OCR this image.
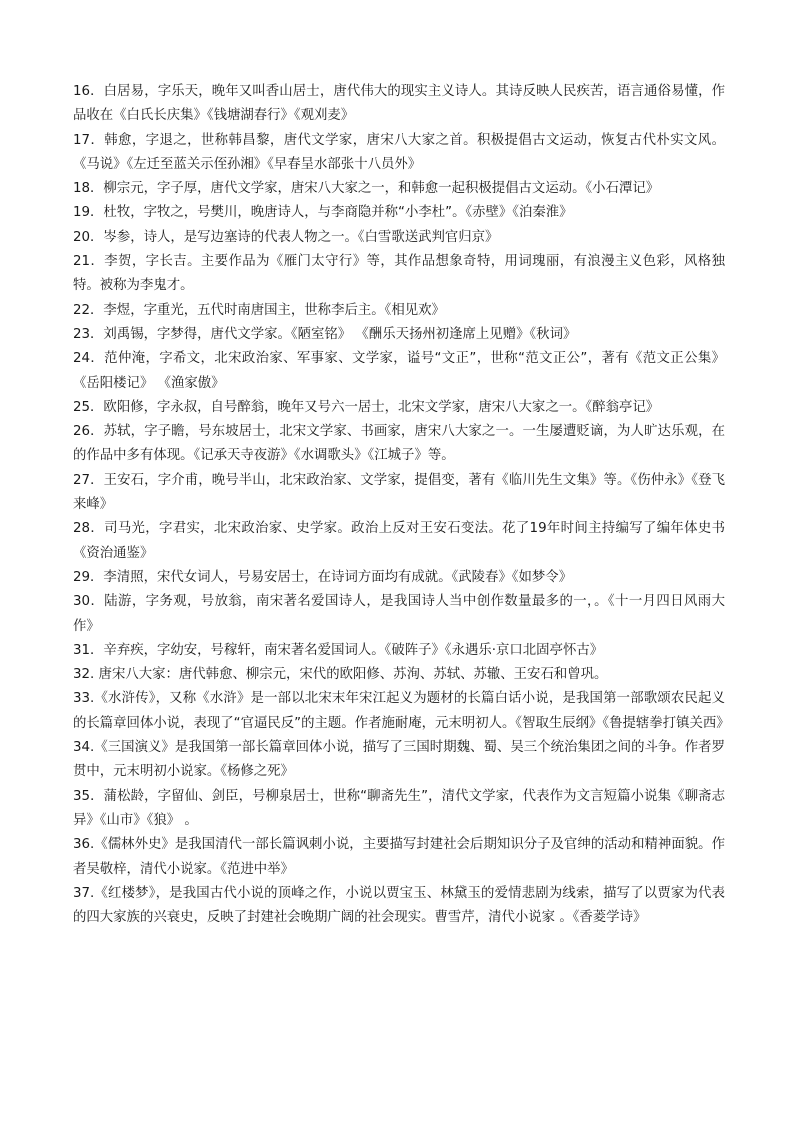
16．白居易，字乐天，晚年又叫香山居士，唐代伟大的现实主义诗人。其诗反映人民疾苦，语言通俗易懂，作品收在《白氏长庆集》《钱塘湖春行》《观刈麦》

17．韩愈，字退之，世称韩昌黎，唐代文学家，唐宋八大家之首。积极提倡古文运动，恢复古代朴实文风。《马说》《左迁至蓝关示侄孙湘》《早春呈水部张十八员外》

18．柳宗元，字子厚，唐代文学家，唐宋八大家之一，和韩愈一起积极提倡古文运动。《小石潭记》

19．杜牧，字牧之，号樊川，晚唐诗人，与李商隐并称“小李杜”。《赤壁》《泊秦淮》

20．岑参，诗人，是写边塞诗的代表人物之一。《白雪歌送武判官归京》

21．李贺，字长吉。主要作品为《雁门太守行》等，其作品想象奇特，用词瑰丽，有浪漫主义色彩，风格独特。被称为李鬼才。

22．李煜，字重光，五代时南唐国主，世称李后主。《相见欢》

23．刘禹锡，字梦得，唐代文学家。《陋室铭》 《酬乐天扬州初逢席上见赠》《秋词》

24．范仲淹，字希文，北宋政治家、军事家、文学家，谥号“文正”，世称“范文正公”，著有《范文正公集》《岳阳楼记》 《渔家傲》

25．欧阳修，字永叔，自号醉翁，晚年又号六一居士，北宋文学家，唐宋八大家之一。《醉翁亭记》

26．苏轼，字子瞻，号东坡居士，北宋文学家、书画家，唐宋八大家之一。一生屡遭贬谪，为人旷达乐观，在的作品中多有体现。《记承天寺夜游》《水调歌头》《江城子》等。

27．王安石，字介甫，晚号半山，北宋政治家、文学家，提倡变，著有《临川先生文集》等。《伤仲永》《登飞来峰》

28．司马光，字君实，北宋政治家、史学家。政治上反对王安石变法。花了19年时间主持编写了编年体史书《资治通鉴》

29．李清照，宋代女词人，号易安居士，在诗词方面均有成就。《武陵春》《如梦令》

30．陆游，字务观，号放翁，南宋著名爱国诗人，是我国诗人当中创作数量最多的一，。《十一月四日风雨大作》

31．辛弃疾，字幼安，号稼轩，南宋著名爱国词人。《破阵子》《永遇乐·京口北固亭怀古》

32. 唐宋八大家：唐代韩愈、柳宗元，宋代的欧阳修、苏洵、苏轼、苏辙、王安石和曾巩。

33.《水浒传》，又称《水浒》是一部以北宋末年宋江起义为题材的长篇白话小说，是我国第一部歌颂农民起义的长篇章回体小说，表现了“官逼民反”的主题。作者施耐庵，元末明初人。《智取生辰纲》《鲁提辖拳打镇关西》

34.《三国演义》是我国第一部长篇章回体小说，描写了三国时期魏、蜀、吴三个统治集团之间的斗争。作者罗贯中，元末明初小说家。《杨修之死》

35．蒲松龄，字留仙、剑臣，号柳泉居士，世称“聊斋先生”，清代文学家，代表作为文言短篇小说集《聊斋志异》《山市》《狼》 。

36.《儒林外史》是我国清代一部长篇讽刺小说，主要描写封建社会后期知识分子及官绅的活动和精神面貌。作者吴敬梓，清代小说家。《范进中举》

37.《红楼梦》，是我国古代小说的顶峰之作，小说以贾宝玉、林黛玉的爱情悲剧为线索，描写了以贾家为代表的四大家族的兴衰史，反映了封建社会晚期广阔的社会现实。曹雪芹，清代小说家 。《香菱学诗》
